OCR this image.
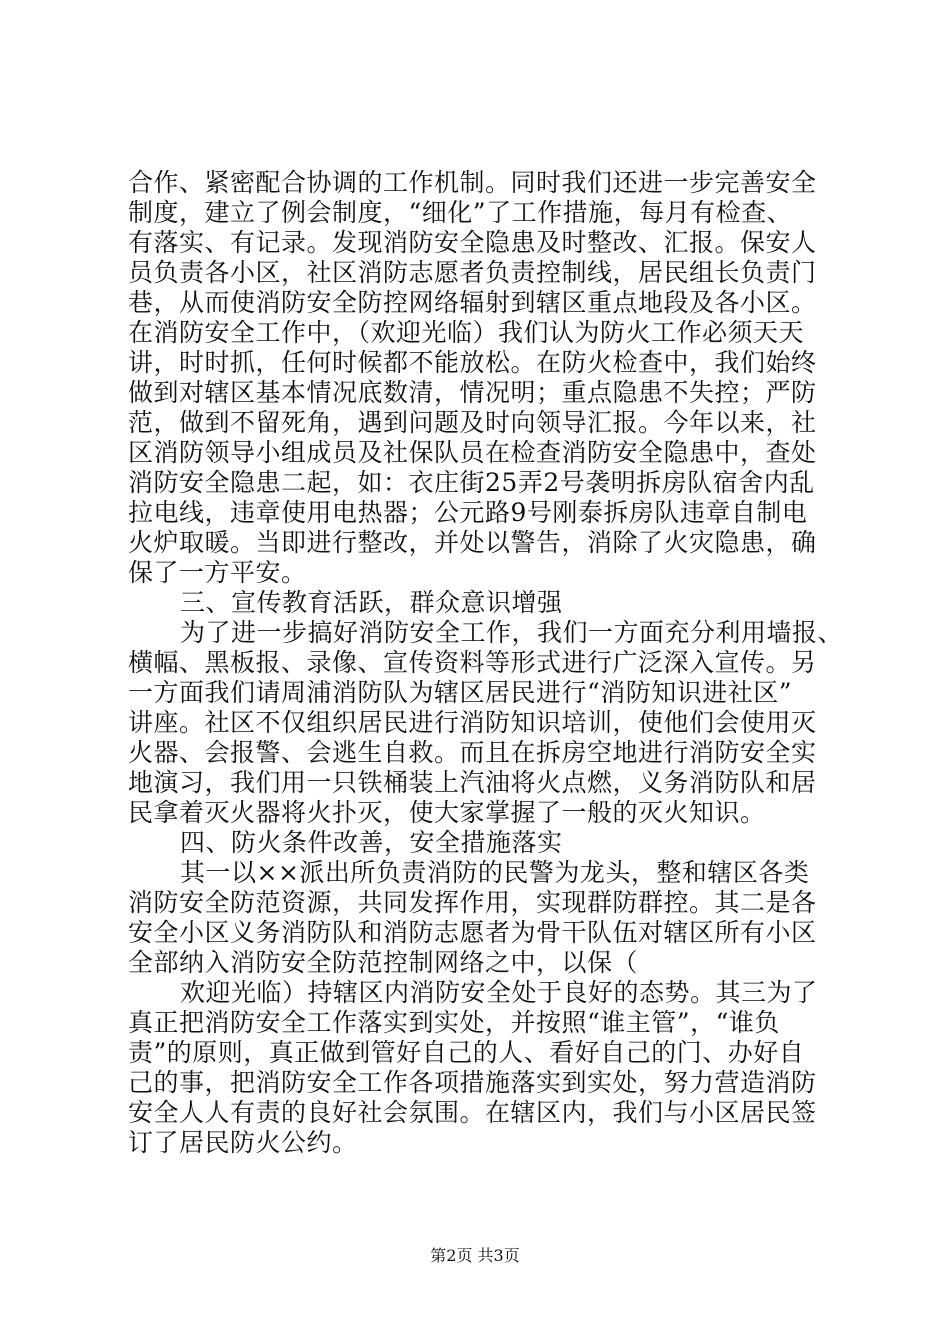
合作、紧密配合协调的工作机制。同时我们还进一步完善安全
制度，建立了例会制度，“细化”了工作措施，每月有检查、
有落实、有记录。发现消防安全隐患及时整改、汇报。保安人
员负责各小区，社区消防志愿者负责控制线，居民组长负责门
巷，从而使消防安全防控网络辐射到辖区重点地段及各小区。
在消防安全工作中，（欢迎光临）我们认为防火工作必须天天
讲，时时抓，任何时候都不能放松。在防火检查中，我们始终
做到对辖区基本情况底数清，情况明；重点隐患不失控；严防
范，做到不留死角，遇到问题及时向领导汇报。今年以来，社
区消防领导小组成员及社保队员在检查消防安全隐患中，查处
消防安全隐患二起，如：衣庄街25弄2号袭明拆房队宿舍内乱
拉电线，违章使用电热器；公元路9号刚泰拆房队违章自制电
火炉取暖。当即进行整改，并处以警告，消除了火灾隐患，确
保了一方平安。
三、宣传教育活跃，群众意识增强
为了进一步搞好消防安全工作，我们一方面充分利用墙报、
横幅、黑板报、录像、宣传资料等形式进行广泛深入宣传。另
一方面我们请周浦消防队为辖区居民进行“消防知识进社区”
讲座。社区不仅组织居民进行消防知识培训，使他们会使用灭
火器、会报警、会逃生自救。而且在拆房空地进行消防安全实
地演习，我们用一只铁桶装上汽油将火点燃，义务消防队和居
民拿着灭火器将火扑灭，使大家掌握了一般的灭火知识。
四、防火条件改善，安全措施落实
其一以××派出所负责消防的民警为龙头，整和辖区各类
消防安全防范资源，共同发挥作用，实现群防群控。其二是各
安全小区义务消防队和消防志愿者为骨干队伍对辖区所有小区
全部纳入消防安全防范控制网络之中，以保（
欢迎光临）持辖区内消防安全处于良好的态势。其三为了
真正把消防安全工作落实到实处，并按照“谁主管”，“谁负
责”的原则，真正做到管好自己的人、看好自己的门、办好自
己的事，把消防安全工作各项措施落实到实处，努力营造消防
安全人人有责的良好社会氛围。在辖区内，我们与小区居民签
订了居民防火公约。
第2页 共3页
